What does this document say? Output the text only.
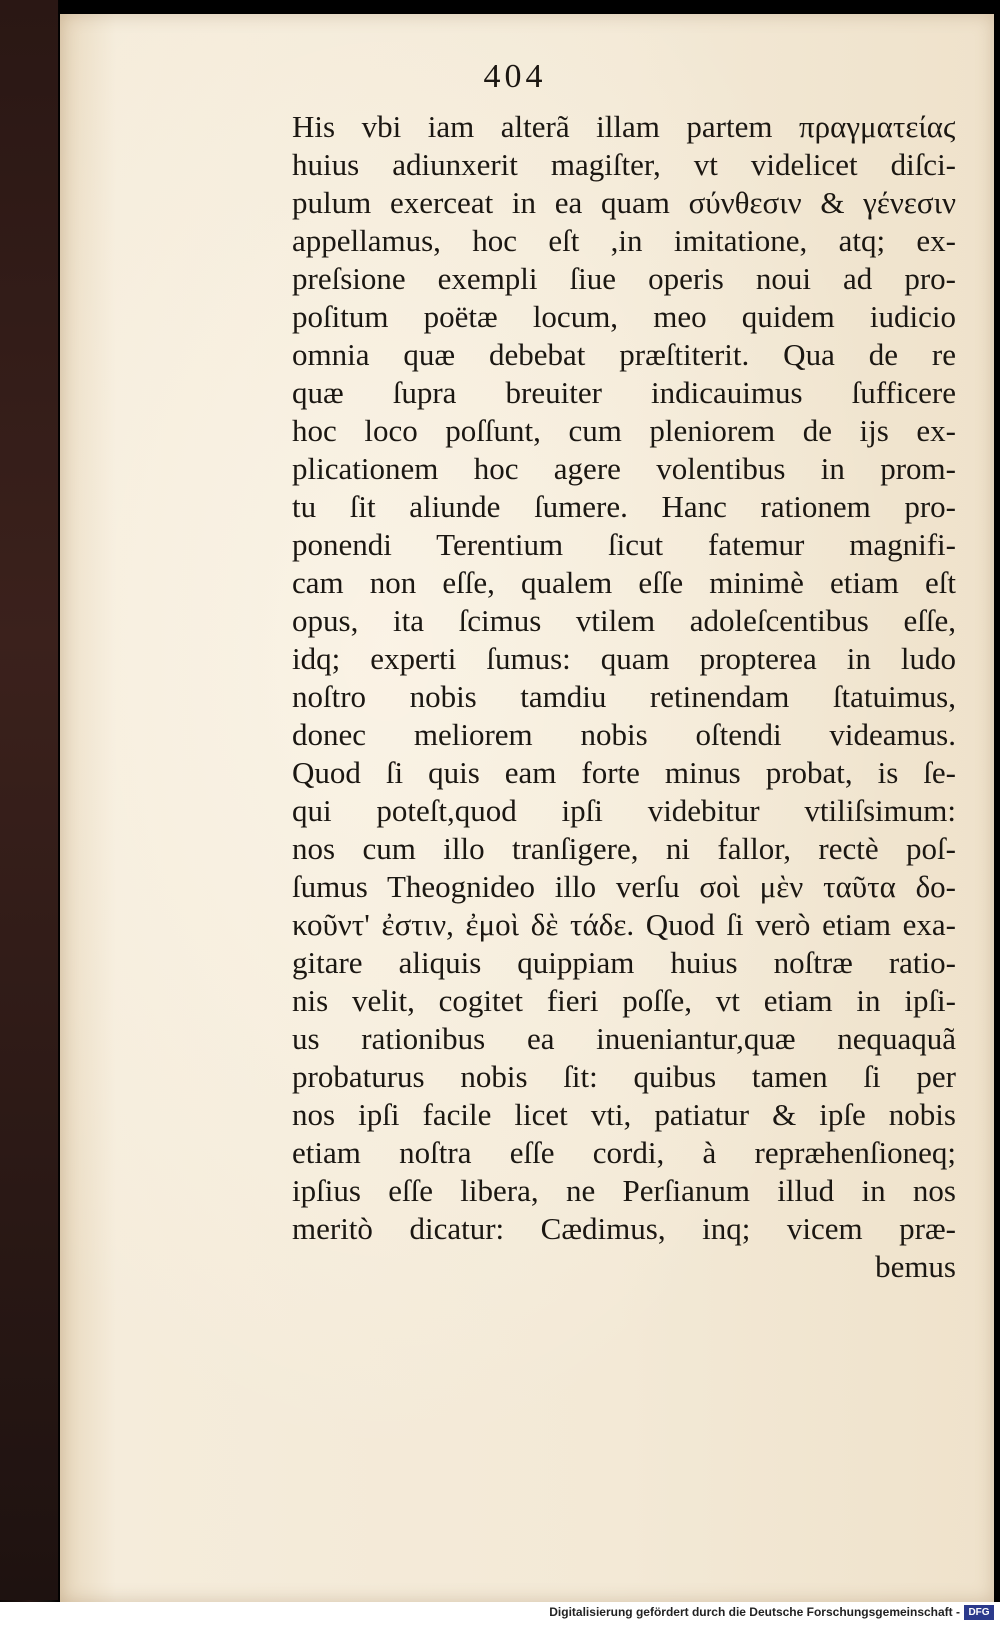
404
His vbi iam alterã illam partem πραγματείαϛ
huius adiunxerit magiſter, vt videlicet diſci-
pulum exerceat in ea quam σύνθεσιν & γένεσιν
appellamus, hoc eſt ,in imitatione, atq; ex-
preſsione exempli ſiue operis noui ad pro-
poſitum poëtæ locum, meo quidem iudicio
omnia quæ debebat præſtiterit. Qua de re
quæ ſupra breuiter indicauimus ſufficere
hoc loco poſſunt, cum pleniorem de ijs ex-
plicationem hoc agere volentibus in prom-
tu ſit aliunde ſumere. Hanc rationem pro-
ponendi Terentium ſicut fatemur magnifi-
cam non eſſe, qualem eſſe minimè etiam eſt
opus, ita ſcimus vtilem adoleſcentibus eſſe,
idq; experti ſumus: quam propterea in ludo
noſtro nobis tamdiu retinendam ſtatuimus,
donec meliorem nobis oſtendi videamus.
Quod ſi quis eam forte minus probat, is ſe-
qui poteſt,quod ipſi videbitur vtiliſsimum:
nos cum illo tranſigere, ni fallor, rectè poſ-
ſumus Theognideo illo verſu σοὶ μὲν ταῦτα δο-
κοῦντ' ἐστιν, ἐμοὶ δὲ τάδε. Quod ſi verò etiam exa-
gitare aliquis quippiam huius noſtræ ratio-
nis velit, cogitet fieri poſſe, vt etiam in ipſi-
us rationibus ea inueniantur,quæ nequaquã
probaturus nobis ſit: quibus tamen ſi per
nos ipſi facile licet vti, patiatur & ipſe nobis
etiam noſtra eſſe cordi, à repræhenſioneq;
ipſius eſſe libera, ne Perſianum illud in nos
meritò dicatur: Cædimus, inq; vicem præ-
bemus
Digitalisierung gefördert durch die Deutsche Forschungsgemeinschaft - DFG
